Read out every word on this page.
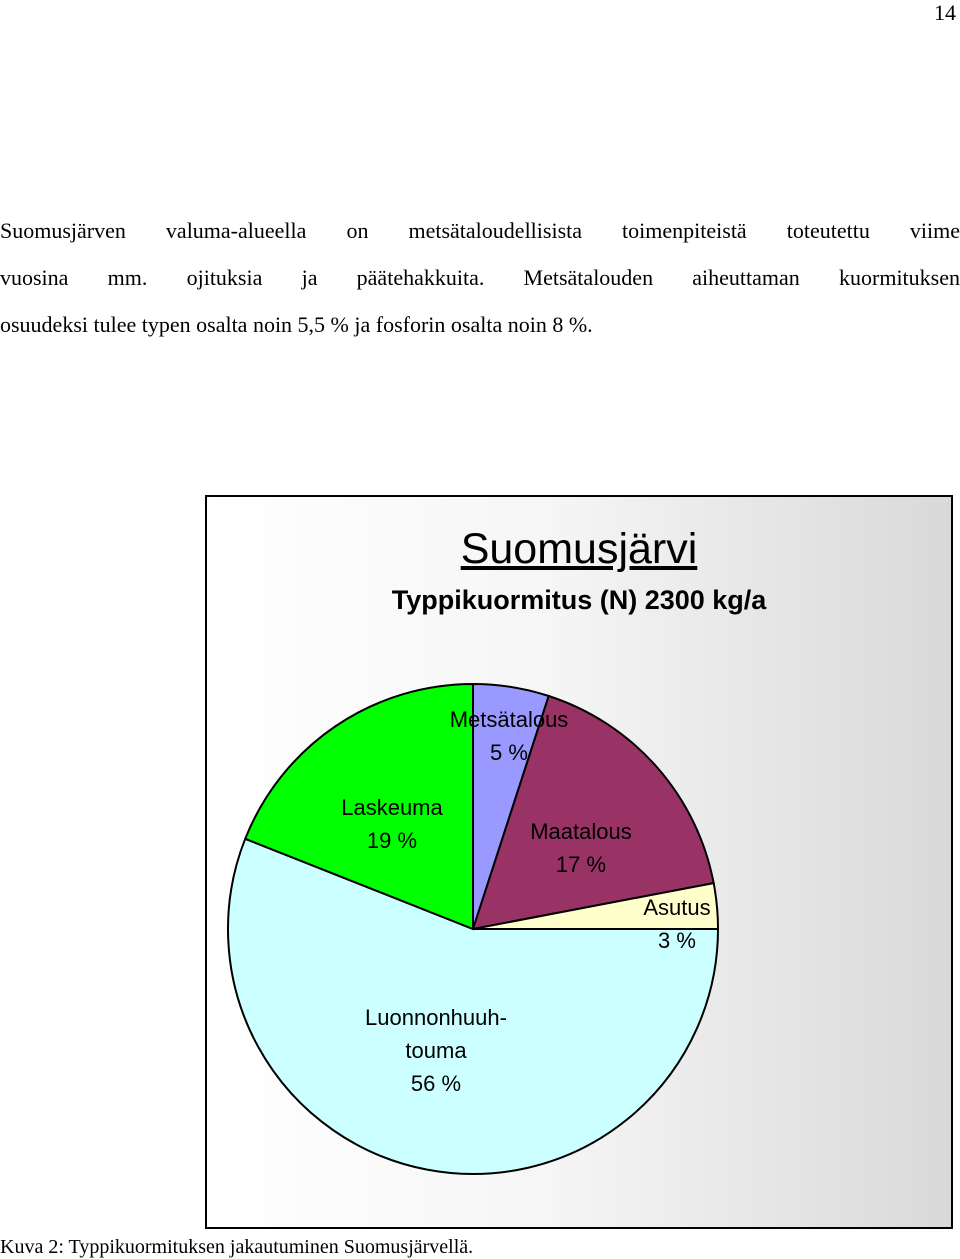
14

Suomusjärven valuma-alueella on metsätaloudellisista toimenpiteistä toteutettu viime
vuosina mm. ojituksia ja päätehakkuita. Metsätalouden aiheuttaman kuormituksen
osuudeksi tulee typen osalta noin 5,5 % ja fosforin osalta noin 8 %.

Suomusjärvi
Typpikuormitus (N) 2300 kg/a
Metsätalous 5 %
Maatalous 17 %
Asutus 3 %
Luonnonhuuh-touma 56 %
Laskeuma 19 %
Kuva 2: Typpikuormituksen jakautuminen Suomusjärvellä.
